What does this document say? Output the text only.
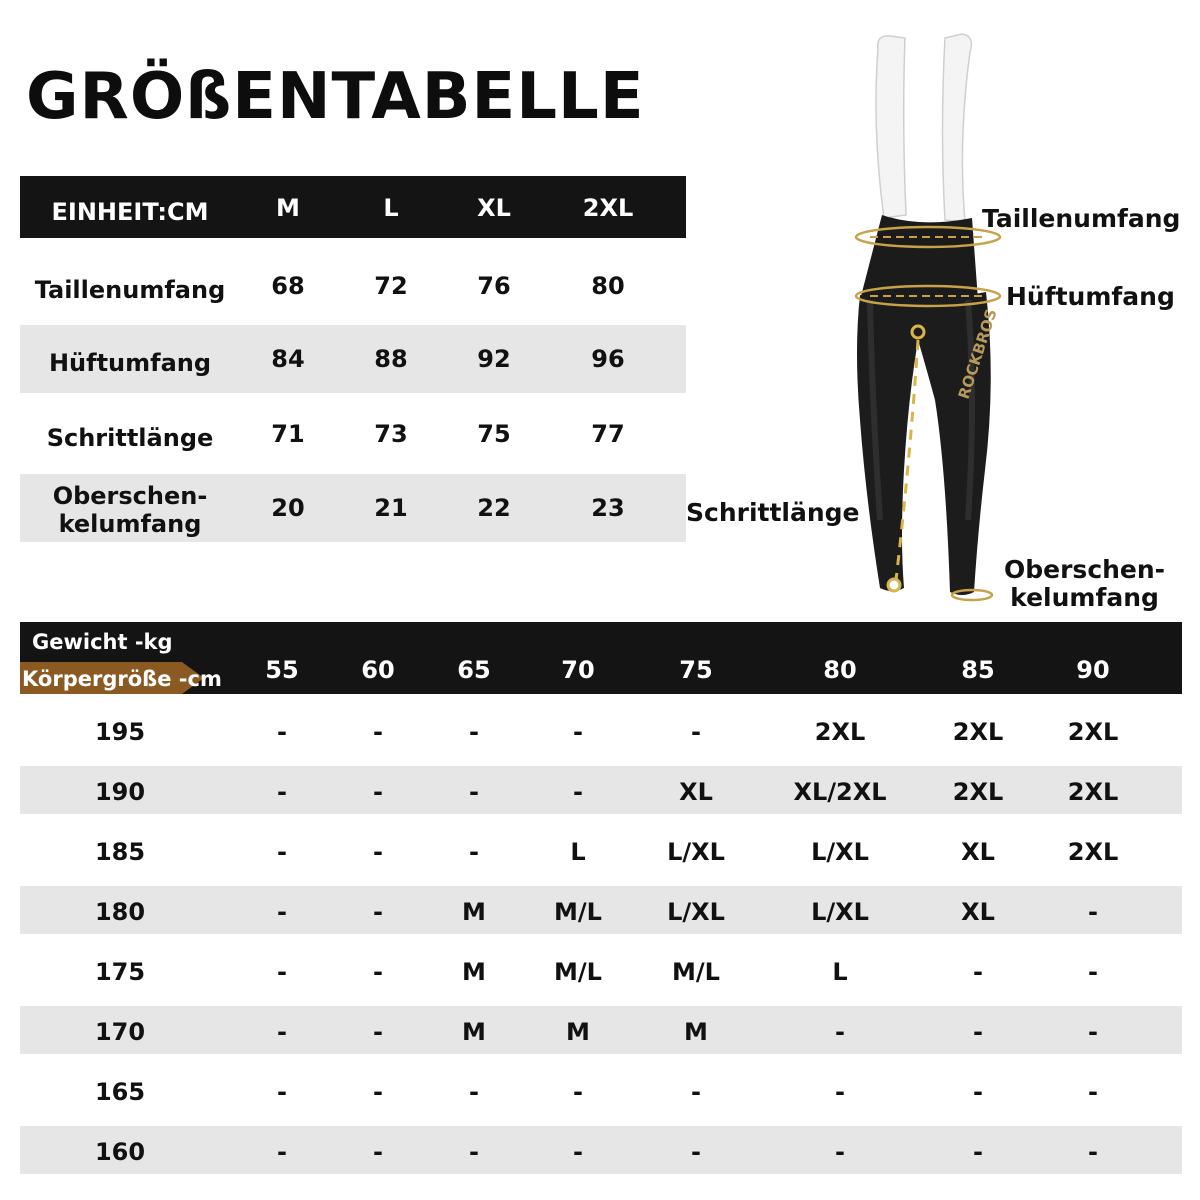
GRÖßENTABELLE
EINHEIT:CM	M	L	XL	2XL
Taillenumfang	68	72	76	80
Hüftumfang	84	88	92	96
Schrittlänge	71	73	75	77
Oberschen-
kelumfang
20	21	22	23
ROCKBROS
Taillenumfang
Hüftumfang
Schrittlänge
Oberschen-
kelumfang
Gewicht -kg
Körpergröße -cm	55	60	65	70	75	80	85	90
195	-	-	-	-	-	2XL	2XL	2XL
190	-	-	-	-	XL	XL/2XL	2XL	2XL
185	-	-	-	L	L/XL	L/XL	XL	2XL
180	-	-	M	M/L	L/XL	L/XL	XL	-
175	-	-	M	M/L	M/L	L	-	-
170	-	-	M	M	M	-	-	-
165	-	-	-	-	-	-	-	-
160	-	-	-	-	-	-	-	-
